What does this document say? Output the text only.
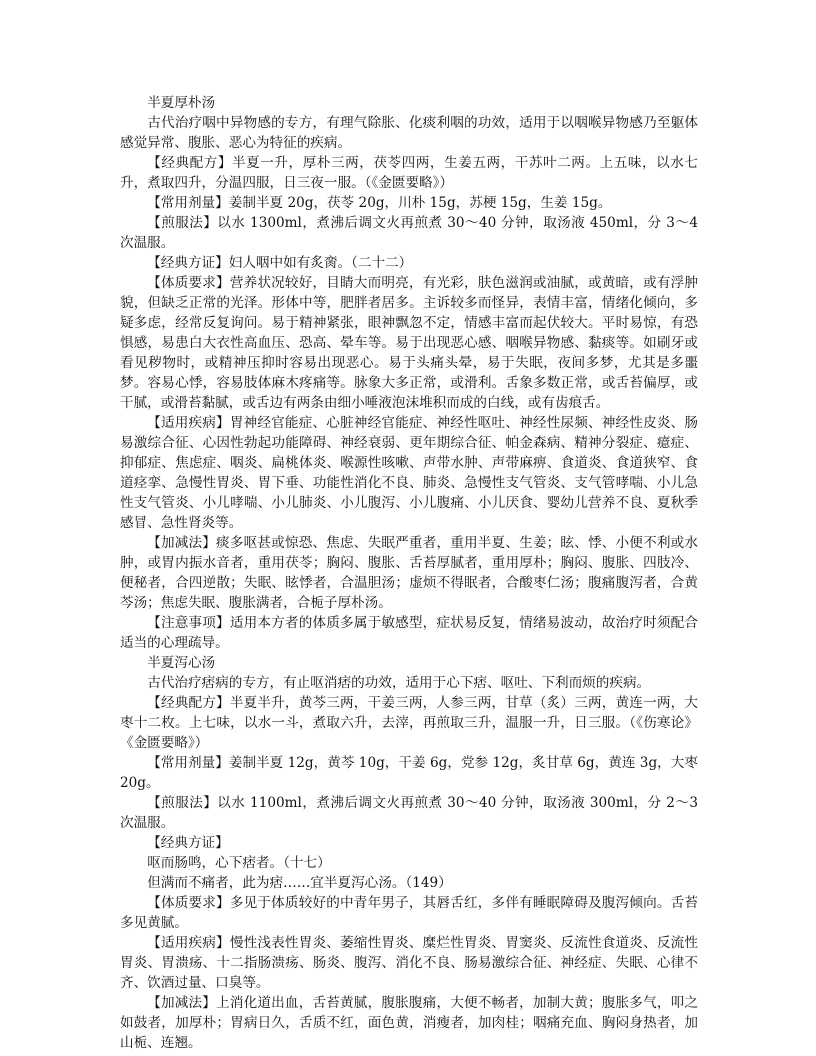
半夏厚朴汤

古代治疗咽中异物感的专方，有理气除胀、化痰利咽的功效，适用于以咽喉异物感乃至躯体感觉异常、腹胀、恶心为特征的疾病。

【经典配方】半夏一升，厚朴三两，茯苓四两，生姜五两，干苏叶二两。上五味，以水七升，煮取四升，分温四服，日三夜一服。（《金匮要略》）

【常用剂量】姜制半夏 20g，茯苓 20g，川朴 15g，苏梗 15g，生姜 15g。

【煎服法】以水 1300ml，煮沸后调文火再煎煮 30～40 分钟，取汤液 450ml，分 3～4 次温服。

【经典方证】妇人咽中如有炙脔。（二十二）

【体质要求】营养状况较好，目睛大而明亮，有光彩，肤色滋润或油腻，或黄暗，或有浮肿貌，但缺乏正常的光泽。形体中等，肥胖者居多。主诉较多而怪异，表情丰富，情绪化倾向，多疑多虑，经常反复询问。易于精神紧张，眼神飘忽不定，情感丰富而起伏较大。平时易惊，有恐惧感，易患白大衣性高血压、恐高、晕车等。易于出现恶心感、咽喉异物感、黏痰等。如刷牙或看见秽物时，或精神压抑时容易出现恶心。易于头痛头晕，易于失眠，夜间多梦，尤其是多噩梦。容易心悸，容易肢体麻木疼痛等。脉象大多正常，或滑利。舌象多数正常，或舌苔偏厚，或干腻，或滑苔黏腻，或舌边有两条由细小唾液泡沫堆积而成的白线，或有齿痕舌。

【适用疾病】胃神经官能症、心脏神经官能症、神经性呕吐、神经性尿频、神经性皮炎、肠易激综合征、心因性勃起功能障碍、神经衰弱、更年期综合征、帕金森病、精神分裂症、癔症、抑郁症、焦虑症、咽炎、扁桃体炎、喉源性咳嗽、声带水肿、声带麻痹、食道炎、食道狭窄、食道痉挛、急慢性胃炎、胃下垂、功能性消化不良、肺炎、急慢性支气管炎、支气管哮喘、小儿急性支气管炎、小儿哮喘、小儿肺炎、小儿腹泻、小儿腹痛、小儿厌食、婴幼儿营养不良、夏秋季感冒、急性肾炎等。

【加减法】痰多呕甚或惊恐、焦虑、失眠严重者，重用半夏、生姜；眩、悸、小便不利或水肿，或胃内振水音者，重用茯苓；胸闷、腹胀、舌苔厚腻者，重用厚朴；胸闷、腹胀、四肢冷、便秘者，合四逆散；失眠、眩悸者，合温胆汤；虚烦不得眠者，合酸枣仁汤；腹痛腹泻者，合黄芩汤；焦虑失眠、腹胀满者，合栀子厚朴汤。

【注意事项】适用本方者的体质多属于敏感型，症状易反复，情绪易波动，故治疗时须配合适当的心理疏导。

半夏泻心汤

古代治疗痞病的专方，有止呕消痞的功效，适用于心下痞、呕吐、下利而烦的疾病。

【经典配方】半夏半升，黄芩三两，干姜三两，人参三两，甘草（炙）三两，黄连一两，大枣十二枚。上七味，以水一斗，煮取六升，去滓，再煎取三升，温服一升，日三服。（《伤寒论》《金匮要略》）

【常用剂量】姜制半夏 12g，黄芩 10g，干姜 6g，党参 12g，炙甘草 6g，黄连 3g，大枣 20g。

【煎服法】以水 1100ml，煮沸后调文火再煎煮 30～40 分钟，取汤液 300ml，分 2～3 次温服。

【经典方证】

呕而肠鸣，心下痞者。（十七）

但满而不痛者，此为痞……宜半夏泻心汤。（149）

【体质要求】多见于体质较好的中青年男子，其唇舌红，多伴有睡眠障碍及腹泻倾向。舌苔多见黄腻。

【适用疾病】慢性浅表性胃炎、萎缩性胃炎、糜烂性胃炎、胃窦炎、反流性食道炎、反流性胃炎、胃溃疡、十二指肠溃疡、肠炎、腹泻、消化不良、肠易激综合征、神经症、失眠、心律不齐、饮酒过量、口臭等。

【加减法】上消化道出血，舌苔黄腻，腹胀腹痛，大便不畅者，加制大黄；腹胀多气，叩之如鼓者，加厚朴；胃病日久，舌质不红，面色黄，消瘦者，加肉桂；咽痛充血、胸闷身热者，加山栀、连翘。
